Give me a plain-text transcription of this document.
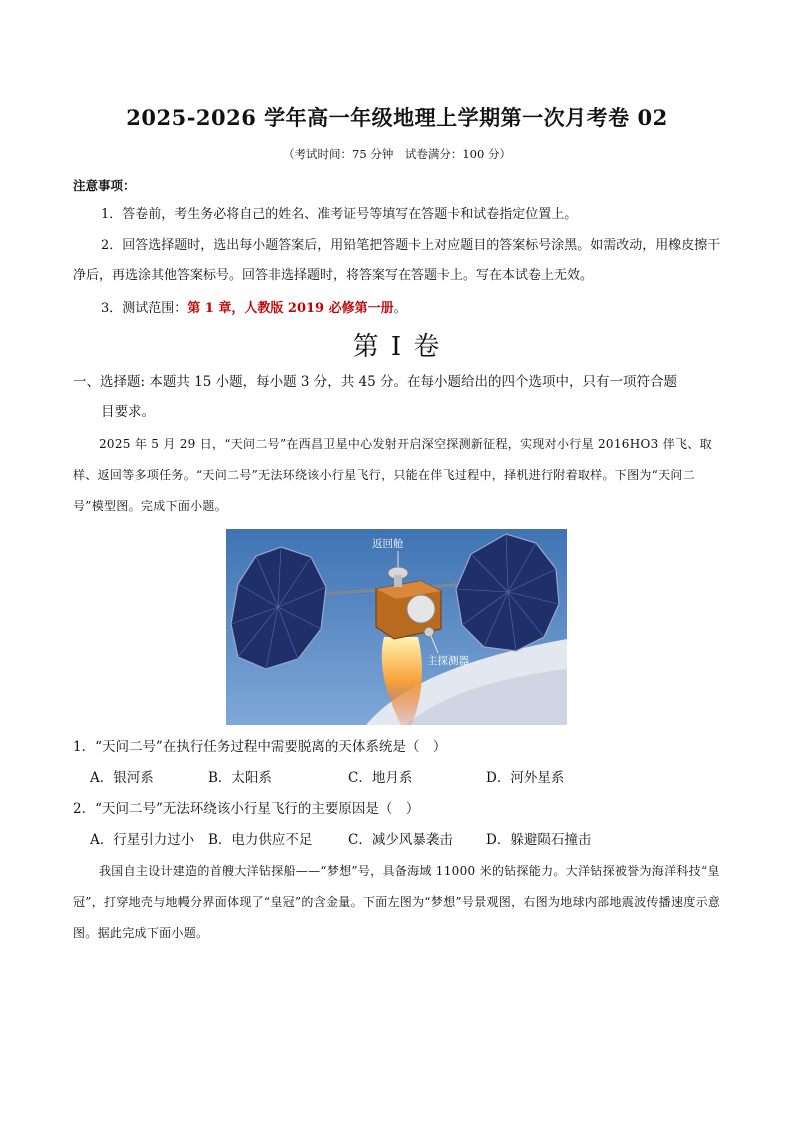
2025-2026 学年高一年级地理上学期第一次月考卷 02
（考试时间：75 分钟　试卷满分：100 分）
注意事项：
1．答卷前，考生务必将自己的姓名、准考证号等填写在答题卡和试卷指定位置上。
2．回答选择题时，选出每小题答案后，用铅笔把答题卡上对应题目的答案标号涂黑。如需改动，用橡皮擦干净后，再选涂其他答案标号。回答非选择题时，将答案写在答题卡上。写在本试卷上无效。
3．测试范围：第 1 章，人教版 2019 必修第一册。
第 I 卷
一、选择题: 本题共 15 小题，每小题 3 分，共 45 分。在每小题给出的四个选项中，只有一项符合题
目要求。
2025 年 5 月 29 日，“天问二号”在西昌卫星中心发射开启深空探测新征程，实现对小行星 2016HO3 伴飞、取样、返回等多项任务。“天问二号”无法环绕该小行星飞行，只能在伴飞过程中，择机进行附着取样。下图为“天问二号”模型图。完成下面小题。
返回舱
主探测器
1．“天问二号”在执行任务过程中需要脱离的天体系统是（　）
A．银河系	B．太阳系	C．地月系	D．河外星系
2．“天问二号”无法环绕该小行星飞行的主要原因是（　）
A．行星引力过小	B．电力供应不足	C．减少风暴袭击	D．躲避陨石撞击
我国自主设计建造的首艘大洋钻探船——“梦想”号，具备海域 11000 米的钻探能力。大洋钻探被誉为海洋科技“皇冠”，打穿地壳与地幔分界面体现了“皇冠”的含金量。下面左图为“梦想”号景观图，右图为地球内部地震波传播速度示意图。据此完成下面小题。
